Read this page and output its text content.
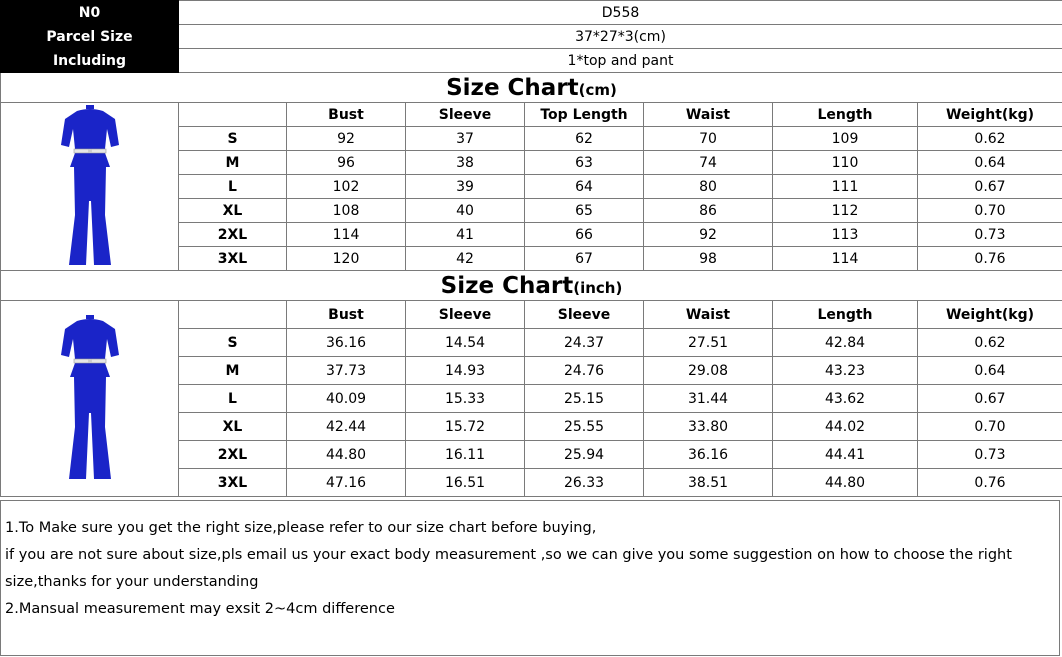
N0	D558						
Parcel Size	37*27*3(cm)						
Including	1*top and pant						
Size Chart(cm)							

		Bust	Sleeve	Top Length	Waist	Length	Weight(kg)
	S	92	37	62	70	109	0.62
	M	96	38	63	74	110	0.64
	L	102	39	64	80	111	0.67
	XL	108	40	65	86	112	0.70
	2XL	114	41	66	92	113	0.73
	3XL	120	42	67	98	114	0.76
Size Chart(inch)							

		Bust	Sleeve	Sleeve	Waist	Length	Weight(kg)
	S	36.16	14.54	24.37	27.51	42.84	0.62
	M	37.73	14.93	24.76	29.08	43.23	0.64
	L	40.09	15.33	25.15	31.44	43.62	0.67
	XL	42.44	15.72	25.55	33.80	44.02	0.70
	2XL	44.80	16.11	25.94	36.16	44.41	0.73
	3XL	47.16	16.51	26.33	38.51	44.80	0.76
1.To Make sure you get the right size,please refer to our size chart before buying,
if you are not sure about size,pls email us your exact body measurement ,so we can give you some suggestion on how to choose the right
size,thanks for your understanding
2.Mansual measurement may exsit 2~4cm difference
